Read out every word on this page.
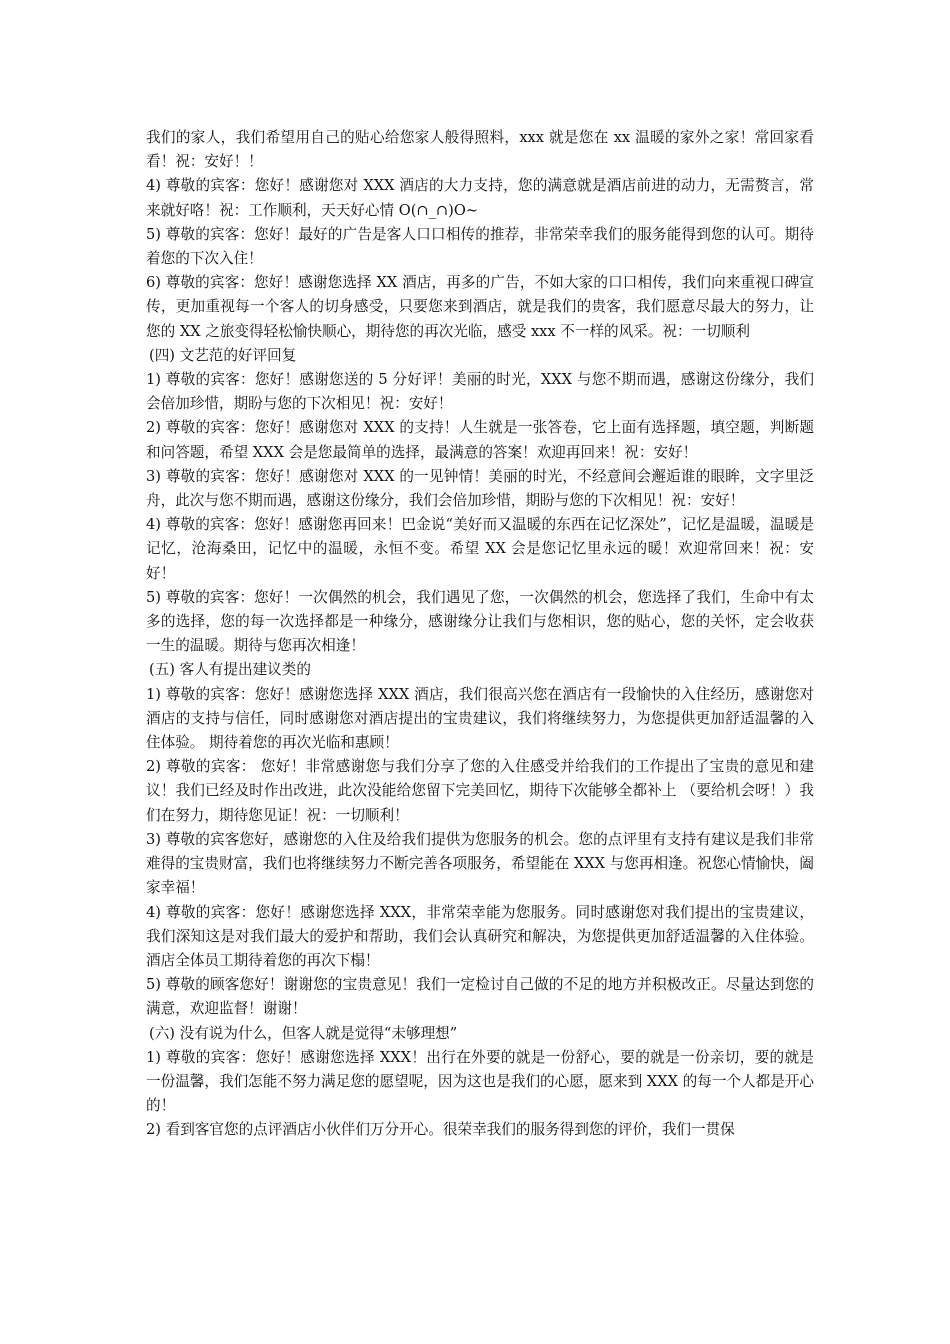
我们的家人，我们希望用自己的贴心给您家人般得照料，xxx 就是您在 xx 温暖的家外之家！常回家看看！祝：安好！！

4) 尊敬的宾客：您好！感谢您对 XXX 酒店的大力支持，您的满意就是酒店前进的动力，无需赘言，常来就好咯！祝：工作顺利，天天好心情 O(∩_∩)O~

5) 尊敬的宾客：您好！最好的广告是客人口口相传的推荐，非常荣幸我们的服务能得到您的认可。期待着您的下次入住！

6) 尊敬的宾客：您好！感谢您选择 XX 酒店，再多的广告，不如大家的口口相传，我们向来重视口碑宣传，更加重视每一个客人的切身感受，只要您来到酒店，就是我们的贵客，我们愿意尽最大的努力，让您的 XX 之旅变得轻松愉快顺心，期待您的再次光临，感受 xxx 不一样的风采。祝：一切顺利

(四) 文艺范的好评回复

1) 尊敬的宾客：您好！感谢您送的 5 分好评！美丽的时光，XXX 与您不期而遇，感谢这份缘分，我们会倍加珍惜，期盼与您的下次相见！祝：安好！

2) 尊敬的宾客：您好！感谢您对 XXX 的支持！人生就是一张答卷，它上面有选择题，填空题，判断题和问答题，希望 XXX 会是您最简单的选择，最满意的答案！欢迎再回来！祝：安好！

3) 尊敬的宾客：您好！感谢您对 XXX 的一见钟情！美丽的时光，不经意间会邂逅谁的眼眸，文字里泛舟，此次与您不期而遇，感谢这份缘分，我们会倍加珍惜，期盼与您的下次相见！祝：安好！

4) 尊敬的宾客：您好！感谢您再回来！巴金说“美好而又温暖的东西在记忆深处”，记忆是温暖，温暖是记忆，沧海桑田，记忆中的温暖，永恒不变。希望 XX 会是您记忆里永远的暖！欢迎常回来！祝：安好！

5) 尊敬的宾客：您好！一次偶然的机会，我们遇见了您，一次偶然的机会，您选择了我们，生命中有太多的选择，您的每一次选择都是一种缘分，感谢缘分让我们与您相识，您的贴心，您的关怀，定会收获一生的温暖。期待与您再次相逢！

(五) 客人有提出建议类的

1) 尊敬的宾客：您好！感谢您选择 XXX 酒店，我们很高兴您在酒店有一段愉快的入住经历，感谢您对酒店的支持与信任，同时感谢您对酒店提出的宝贵建议，我们将继续努力，为您提供更加舒适温馨的入住体验。 期待着您的再次光临和惠顾！

2) 尊敬的宾客： 您好！非常感谢您与我们分享了您的入住感受并给我们的工作提出了宝贵的意见和建议！我们已经及时作出改进，此次没能给您留下完美回忆，期待下次能够全都补上 （要给机会呀！）我们在努力，期待您见证！祝：一切顺利！

3) 尊敬的宾客您好，感谢您的入住及给我们提供为您服务的机会。您的点评里有支持有建议是我们非常难得的宝贵财富，我们也将继续努力不断完善各项服务，希望能在 XXX 与您再相逢。祝您心情愉快，阖家幸福！

4) 尊敬的宾客：您好！感谢您选择 XXX，非常荣幸能为您服务。同时感谢您对我们提出的宝贵建议，我们深知这是对我们最大的爱护和帮助，我们会认真研究和解决，为您提供更加舒适温馨的入住体验。酒店全体员工期待着您的再次下榻！

5) 尊敬的顾客您好！谢谢您的宝贵意见！我们一定检讨自己做的不足的地方并积极改正。尽量达到您的满意，欢迎监督！谢谢！

(六) 没有说为什么，但客人就是觉得“未够理想”

1) 尊敬的宾客：您好！感谢您选择 XXX！出行在外要的就是一份舒心，要的就是一份亲切，要的就是一份温馨，我们怎能不努力满足您的愿望呢，因为这也是我们的心愿，愿来到 XXX 的每一个人都是开心的！

2) 看到客官您的点评酒店小伙伴们万分开心。很荣幸我们的服务得到您的评价，我们一贯保
